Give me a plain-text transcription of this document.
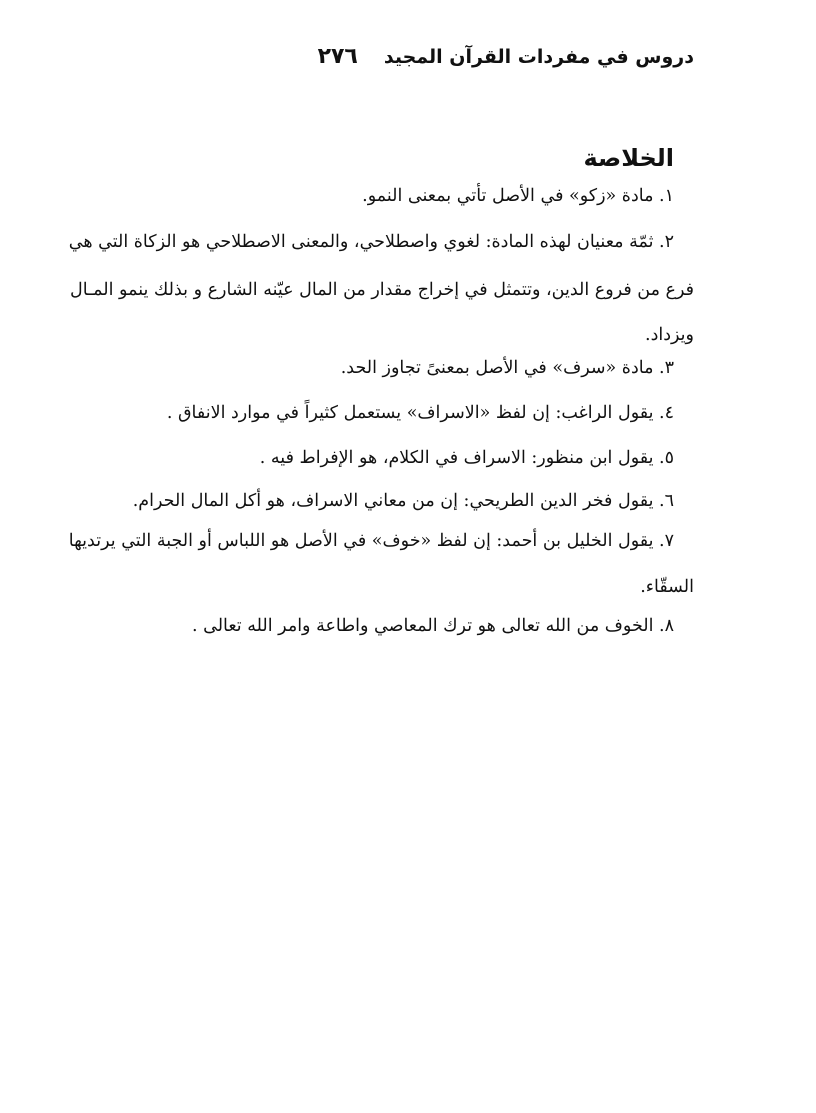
دروس في مفردات القرآن المجيد
٢٧٦
الخلاصة
١. مادة «زكو» في الأصل تأتي بمعنى النمو.
٢. ثمّة معنيان لهذه المادة: لغوي واصطلاحي، والمعنى الاصطلاحي هو الزكاة التي هي
فرع من فروع الدين، وتتمثل في إخراج مقدار من المال عيّنه الشارع و بذلك ينمو المـال
ويزداد.
٣. مادة «سرف» في الأصل بمعنىً تجاوز الحد.
٤. يقول الراغب: إن لفظ «الاسراف» يستعمل كثيراً في موارد الانفاق .
٥. يقول ابن منظور: الاسراف في الكلام، هو الإفراط فيه .
٦. يقول فخر الدين الطريحي: إن من معاني الاسراف، هو أكل المال الحرام.
٧. يقول الخليل بن أحمد: إن لفظ «خوف» في الأصل هو اللباس أو الجبة التي يرتديها
السقّاء.
٨. الخوف من الله تعالى هو ترك المعاصي واطاعة وامر الله تعالى .
